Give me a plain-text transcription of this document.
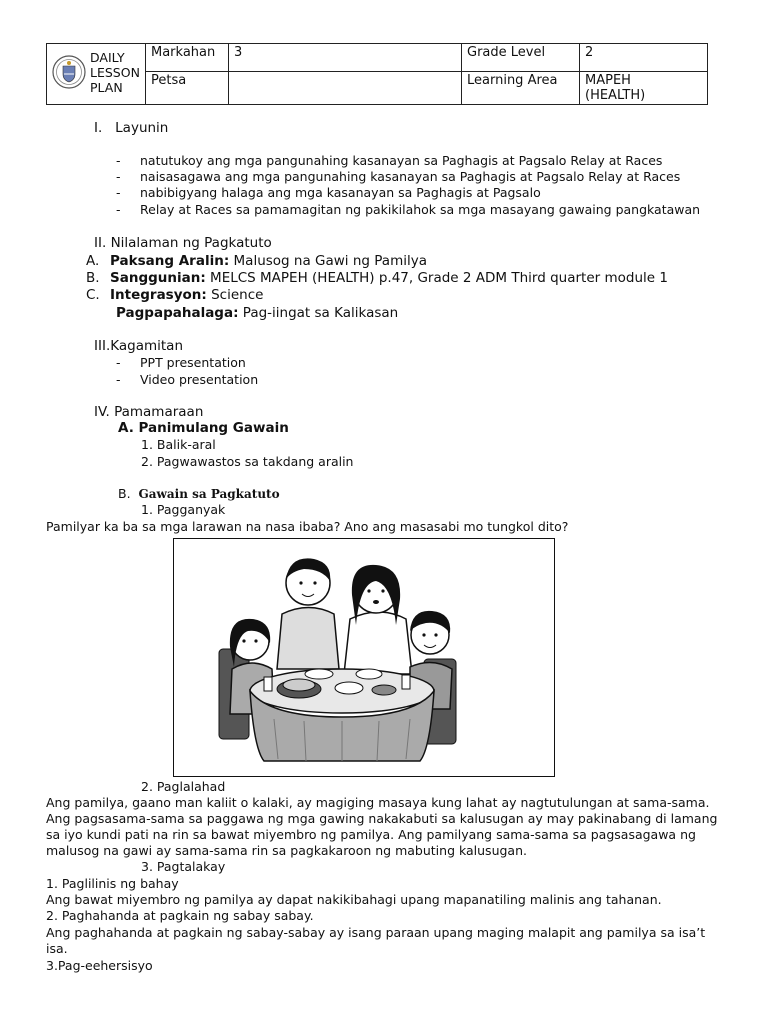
DAILY
LESSON
PLAN	Markahan	3	Grade Level	2
	Petsa		Learning Area	MAPEH
(HEALTH)
I. Layunin
- natutukoy ang mga pangunahing kasanayan sa Paghagis at Pagsalo Relay at Races
- naisasagawa ang mga pangunahing kasanayan sa Paghagis at Pagsalo Relay at Races
- nabibigyang halaga ang mga kasanayan sa Paghagis at Pagsalo
- Relay at Races sa pamamagitan ng pakikilahok sa mga masayang gawaing pangkatawan
II. Nilalaman ng Pagkatuto
A. Paksang Aralin: Malusog na Gawi ng Pamilya
B. Sanggunian: MELCS MAPEH (HEALTH) p.47, Grade 2 ADM Third quarter module 1
C. Integrasyon: Science
Pagpapahalaga: Pag-iingat sa Kalikasan
III.Kagamitan
- PPT presentation
- Video presentation
IV. Pamamaraan
A. Panimulang Gawain
1. Balik-aral
2. Pagwawastos sa takdang aralin
B. Gawain sa Pagkatuto
1. Pagganyak
Pamilyar ka ba sa mga larawan na nasa ibaba? Ano ang masasabi mo tungkol dito?
2. Paglalahad
Ang pamilya, gaano man kaliit o kalaki, ay magiging masaya kung lahat ay nagtutulungan at sama-sama.
Ang pagsasama-sama sa paggawa ng mga gawing nakakabuti sa kalusugan ay may pakinabang di lamang
sa iyo kundi pati na rin sa bawat miyembro ng pamilya. Ang pamilyang sama-sama sa pagsasagawa ng
malusog na gawi ay sama-sama rin sa pagkakaroon ng mabuting kalusugan.
3. Pagtalakay
1. Paglilinis ng bahay
Ang bawat miyembro ng pamilya ay dapat nakikibahagi upang mapanatiling malinis ang tahanan.
2. Paghahanda at pagkain ng sabay sabay.
Ang paghahanda at pagkain ng sabay-sabay ay isang paraan upang maging malapit ang pamilya sa isa’t
isa.
3.Pag-eehersisyo
